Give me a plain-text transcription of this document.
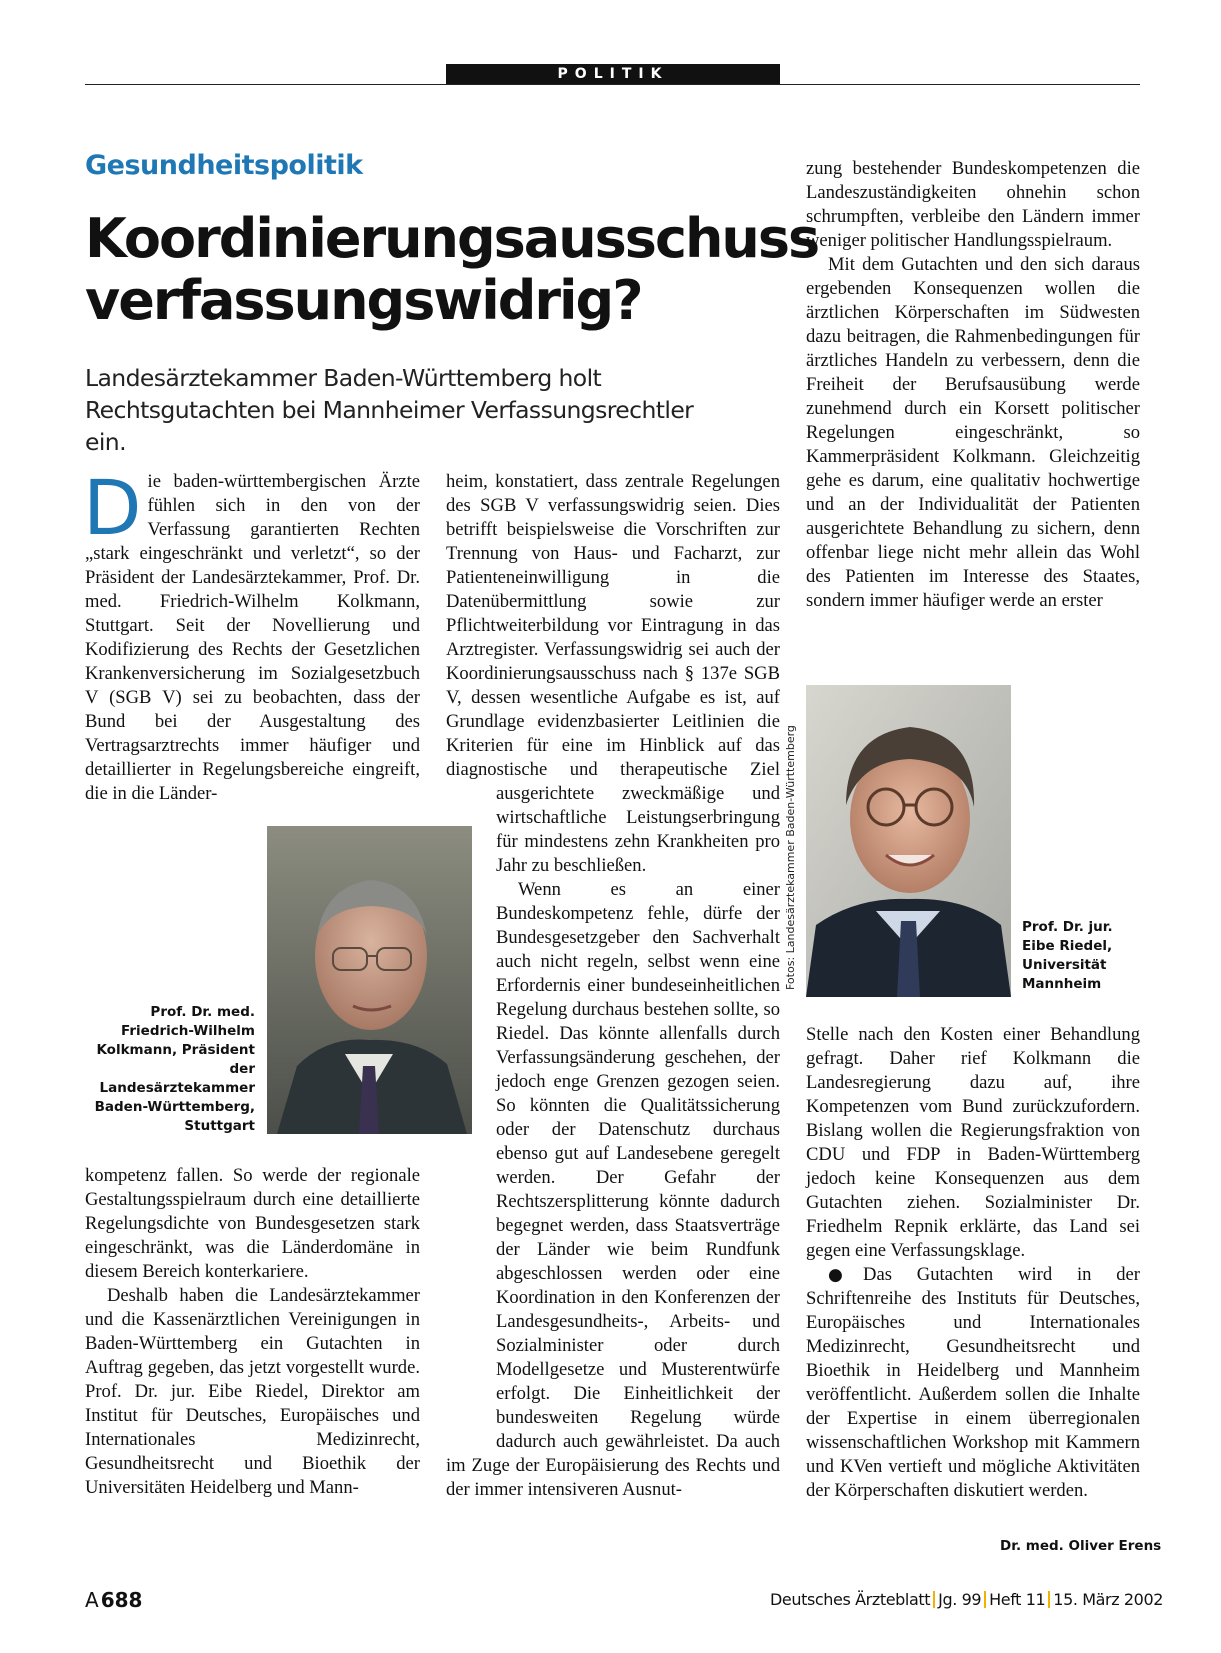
POLITIK
Gesundheitspolitik
Koordinierungsausschuss verfassungswidrig?
Landesärztekammer Baden-Württemberg holt Rechtsgutachten bei Mannheimer Verfassungsrechtler ein.

Die baden-württembergischen Ärzte fühlen sich in den von der Verfassung garantierten Rechten „stark eingeschränkt und verletzt“, so der Präsident der Landesärztekammer, Prof. Dr. med. Friedrich-Wilhelm Kolkmann, Stuttgart. Seit der Novellierung und Kodifizierung des Rechts der Gesetzlichen Krankenversicherung im Sozialgesetzbuch V (SGB V) sei zu beobachten, dass der Bund bei der Ausgestaltung des Vertragsarztrechts immer häufiger und detaillierter in Regelungsbereiche eingreift, die in die Länder-

Prof. Dr. med. Friedrich-Wilhelm Kolkmann, Präsident der Landesärztekammer Baden-Württemberg, Stuttgart

kompetenz fallen. So werde der regionale Gestaltungsspielraum durch eine detaillierte Regelungsdichte von Bundesgesetzen stark eingeschränkt, was die Länderdomäne in diesem Bereich konterkariere.

Deshalb haben die Landesärztekammer und die Kassenärztlichen Vereinigungen in Baden-Württemberg ein Gutachten in Auftrag gegeben, das jetzt vorgestellt wurde. Prof. Dr. jur. Eibe Riedel, Direktor am Institut für Deutsches, Europäisches und Internationales Medizinrecht, Gesundheitsrecht und Bioethik der Universitäten Heidelberg und Mann-

heim, konstatiert, dass zentrale Regelungen des SGB V verfassungswidrig seien. Dies betrifft beispielsweise die Vorschriften zur Trennung von Haus- und Facharzt, zur Patienteneinwilligung in die Datenübermittlung sowie zur Pflichtweiterbildung vor Eintragung in das Arztregister. Verfassungswidrig sei auch der Koordinierungsausschuss nach § 137e SGB V, dessen wesentliche Aufgabe es ist, auf Grundlage evidenzbasierter Leitlinien die Kriterien für eine im Hinblick auf das diagnostische und therapeutische Ziel ausgerichtete zweckmäßige und wirtschaftliche Leistungserbringung für mindestens zehn Krankheiten pro Jahr zu beschließen.

Wenn es an einer Bundeskompetenz fehle, dürfe der Bundesgesetzgeber den Sachverhalt auch nicht regeln, selbst wenn eine Erfordernis einer bundeseinheitlichen Regelung durchaus bestehen sollte, so Riedel. Das könnte allenfalls durch Verfassungsänderung geschehen, der jedoch enge Grenzen gezogen seien. So könnten die Qualitätssicherung oder der Datenschutz durchaus ebenso gut auf Landesebene geregelt werden. Der Gefahr der Rechtszersplitterung könnte dadurch begegnet werden, dass Staatsverträge der Länder wie beim Rundfunk abgeschlossen werden oder eine Koordination in den Konferenzen der Landesgesundheits-, Arbeits- und Sozialminister oder durch Modellgesetze und Musterentwürfe erfolgt. Die Einheitlichkeit der bundesweiten Regelung würde dadurch auch gewährleistet. Da auch im Zuge der Europäisierung des Rechts und der immer intensiveren Ausnut-

zung bestehender Bundeskompetenzen die Landeszuständigkeiten ohnehin schon schrumpften, verbleibe den Ländern immer weniger politischer Handlungsspielraum.

Mit dem Gutachten und den sich daraus ergebenden Konsequenzen wollen die ärztlichen Körperschaften im Südwesten dazu beitragen, die Rahmenbedingungen für ärztliches Handeln zu verbessern, denn die Freiheit der Berufsausübung werde zunehmend durch ein Korsett politischer Regelungen eingeschränkt, so Kammerpräsident Kolkmann. Gleichzeitig gehe es darum, eine qualitativ hochwertige und an der Individualität der Patienten ausgerichtete Behandlung zu sichern, denn offenbar liege nicht mehr allein das Wohl des Patienten im Interesse des Staates, sondern immer häufiger werde an erster

Fotos: Landesärztekammer Baden-Württemberg	Prof. Dr. jur. Eibe Riedel, Universität Mannheim

Stelle nach den Kosten einer Behandlung gefragt. Daher rief Kolkmann die Landesregierung dazu auf, ihre Kompetenzen vom Bund zurückzufordern. Bislang wollen die Regierungsfraktion von CDU und FDP in Baden-Württemberg jedoch keine Konsequenzen aus dem Gutachten ziehen. Sozialminister Dr. Friedhelm Repnik erklärte, das Land sei gegen eine Verfassungsklage.

●Das Gutachten wird in der Schriftenreihe des Instituts für Deutsches, Europäisches und Internationales Medizinrecht, Gesundheitsrecht und Bioethik in Heidelberg und Mannheim veröffentlicht. Außerdem sollen die Inhalte der Expertise in einem überregionalen wissenschaftlichen Workshop mit Kammern und KVen vertieft und mögliche Aktivitäten der Körperschaften diskutiert werden.

Dr. med. Oliver Erens
A  688	Deutsches Ärzteblatt Jg. 99 Heft 11 15. März 2002
